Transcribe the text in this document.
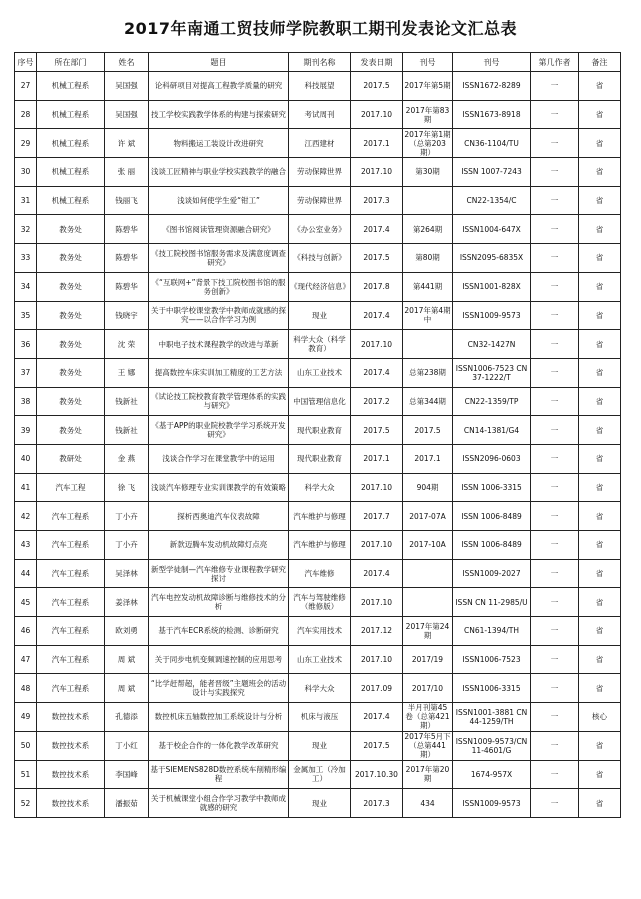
2017年南通工贸技师学院教职工期刊发表论文汇总表
序号	所在部门	姓名	题目	期刊名称	发表日期	刊号	刊号	第几作者	备注
27	机械工程系	吴国强	论科研项目对提高工程教学质量的研究	科技展望	2017.5	2017年第5期	ISSN1672-8289	一	省
28	机械工程系	吴国强	技工学校实践教学体系的构建与探索研究	考试周刊	2017.10	2017年第83期	ISSN1673-8918	一	省
29	机械工程系	许 斌	物料搬运工装设计改进研究	江西建材	2017.1	2017年第1期（总第203期）	CN36-1104/TU	一	省
30	机械工程系	张 丽	浅谈工匠精神与职业学校实践教学的融合	劳动保障世界	2017.10	第30期	ISSN 1007-7243	一	省
31	机械工程系	钱丽飞	浅谈如何使学生爱“钳工”	劳动保障世界	2017.3		CN22-1354/C	一	省
32	教务处	陈碧华	《图书馆阅读管理资源融合研究》	《办公室业务》	2017.4	第264期	ISSN1004-647X	一	省
33	教务处	陈碧华	《技工院校图书馆服务需求及满意度调查研究》	《科技与创新》	2017.5	第80期	ISSN2095-6835X	一	省
34	教务处	陈碧华	《“互联网+”背景下技工院校图书馆的服务创新》	《现代经济信息》	2017.8	第441期	ISSN1001-828X	一	省
35	教务处	钱晓宇	关于中职学校课堂教学中教师成就感的探究——以合作学习为例	现业	2017.4	2017年第4期中	ISSN1009-9573	一	省
36	教务处	沈 荣	中职电子技术课程教学的改进与革新	科学大众（科学教育）	2017.10		CN32-1427N	一	省
37	教务处	王 娜	提高数控车床实训加工精度的工艺方法	山东工业技术	2017.4	总第238期	ISSN1006-7523 CN37-1222/T	一	省
38	教务处	钱新社	《试论技工院校教育教学管理体系的实践与研究》	中国管理信息化	2017.2	总第344期	CN22-1359/TP	一	省
39	教务处	钱新社	《基于APP的职业院校教学学习系统开发研究》	现代职业教育	2017.5	2017.5	CN14-1381/G4	一	省
40	教研处	金 燕	浅谈合作学习在课堂教学中的运用	现代职业教育	2017.1	2017.1	ISSN2096-0603	一	省
41	汽车工程	徐 飞	浅谈汽车修理专业实训课教学的有效策略	科学大众	2017.10	904期	ISSN 1006-3315	一	省
42	汽车工程系	丁小卉	探析西奥迪汽车仪表故障	汽车维护与修理	2017.7	2017-07A	ISSN 1006-8489	一	省
43	汽车工程系	丁小卉	新款迈腾车发动机故障灯点亮	汽车维护与修理	2017.10	2017-10A	ISSN 1006-8489	一	省
44	汽车工程系	吴泽林	新型学徒制—汽车维修专业课程教学研究探讨	汽车维修	2017.4		ISSN1009-2027	一	省
45	汽车工程系	姜泽林	汽车电控发动机故障诊断与维修技术的分析	汽车与驾驶维修（维修版）	2017.10		ISSN CN 11-2985/U	一	省
46	汽车工程系	欧刘勇	基于汽车ECR系统的检测、诊断研究	汽车实用技术	2017.12	2017年第24期	CN61-1394/TH	一	省
47	汽车工程系	周 斌	关于同步电机变频调速控制的应用思考	山东工业技术	2017.10	2017/19	ISSN1006-7523	一	省
48	汽车工程系	周 斌	“比学赶帮超，能者晋级”主题班会的活动设计与实践探究	科学大众	2017.09	2017/10	ISSN1006-3315	一	省
49	数控技术系	孔德添	数控机床五轴数控加工系统设计与分析	机床与液压	2017.4	半月刊第45卷（总第421期）	ISSN1001-3881 CN44-1259/TH	一	核心
50	数控技术系	丁小红	基于校企合作的一体化教学改革研究	现业	2017.5	2017年5月下（总第441期）	ISSN1009-9573/CN11-4601/G	一	省
51	数控技术系	李国峰	基于SIEMENS828D数控系统车削精形编程	金属加工（冷加工）	2017.10.30	2017年第20期	1674-957X	一	省
52	数控技术系	潘振茹	关于机械课堂小组合作学习教学中教师成就感的研究	现业	2017.3	434	ISSN1009-9573	一	省
